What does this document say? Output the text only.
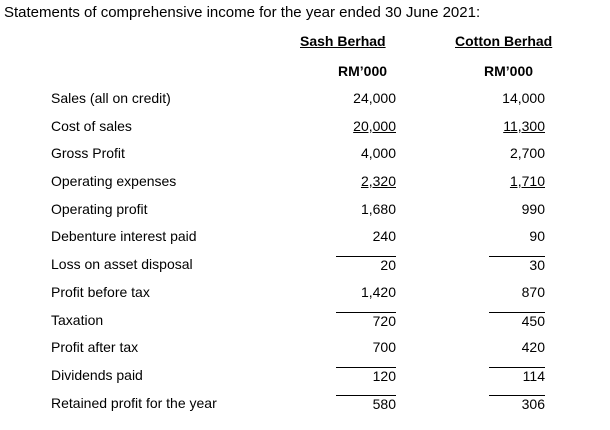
Statements of comprehensive income for the year ended 30 June 2021:
Sash Berhad	Cotton Berhad
RM’000	RM’000
Sales (all on credit)	24,000	14,000
Cost of sales	20,000	11,300
Gross Profit	4,000	2,700
Operating expenses	2,320	1,710
Operating profit	1,680	990
Debenture interest paid	240	90
Loss on asset disposal	20	30
Profit before tax	1,420	870
Taxation	720	450
Profit after tax	700	420
Dividends paid	120	114
Retained profit for the year	580	306
